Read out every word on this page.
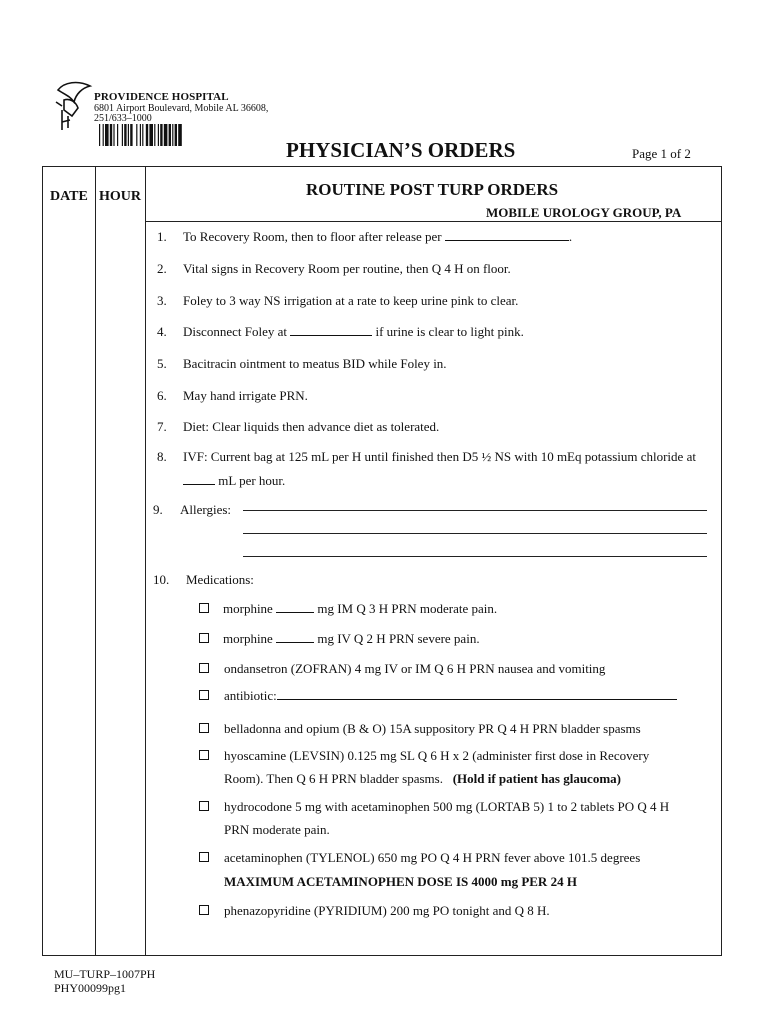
PROVIDENCE HOSPITAL
6801 Airport Boulevard, Mobile AL 36608,
251/633–1000
PHYSICIAN’S ORDERS	Page 1 of 2
DATE HOUR	ROUTINE POST TURP ORDERS
MOBILE UROLOGY GROUP, PA
1. To Recovery Room, then to floor after release per	.
2. Vital signs in Recovery Room per routine, then Q 4 H on floor.
3. Foley to 3 way NS irrigation at a rate to keep urine pink to clear.
4. Disconnect Foley at	if urine is clear to light pink.
5. Bacitracin ointment to meatus BID while Foley in.
6. May hand irrigate PRN.
7. Diet: Clear liquids then advance diet as tolerated.
8. IVF: Current bag at 125 mL per H until finished then D5 ½ NS with 10 mEq potassium chloride at
mL per hour.
9. Allergies:
10. Medications:
morphine	mg IM Q 3 H PRN moderate pain.
morphine	mg IV Q 2 H PRN severe pain.
ondansetron (ZOFRAN) 4 mg IV or IM Q 6 H PRN nausea and vomiting
antibiotic:
belladonna and opium (B & O) 15A suppository PR Q 4 H PRN bladder spasms
hyoscamine (LEVSIN) 0.125 mg SL Q 6 H x 2 (administer first dose in Recovery
Room). Then Q 6 H PRN bladder spasms. (Hold if patient has glaucoma)
hydrocodone 5 mg with acetaminophen 500 mg (LORTAB 5) 1 to 2 tablets PO Q 4 H
PRN moderate pain.
acetaminophen (TYLENOL) 650 mg PO Q 4 H PRN fever above 101.5 degrees
MAXIMUM ACETAMINOPHEN DOSE IS 4000 mg PER 24 H
phenazopyridine (PYRIDIUM) 200 mg PO tonight and Q 8 H.
MU–TURP–1007PH
PHY00099pg1
